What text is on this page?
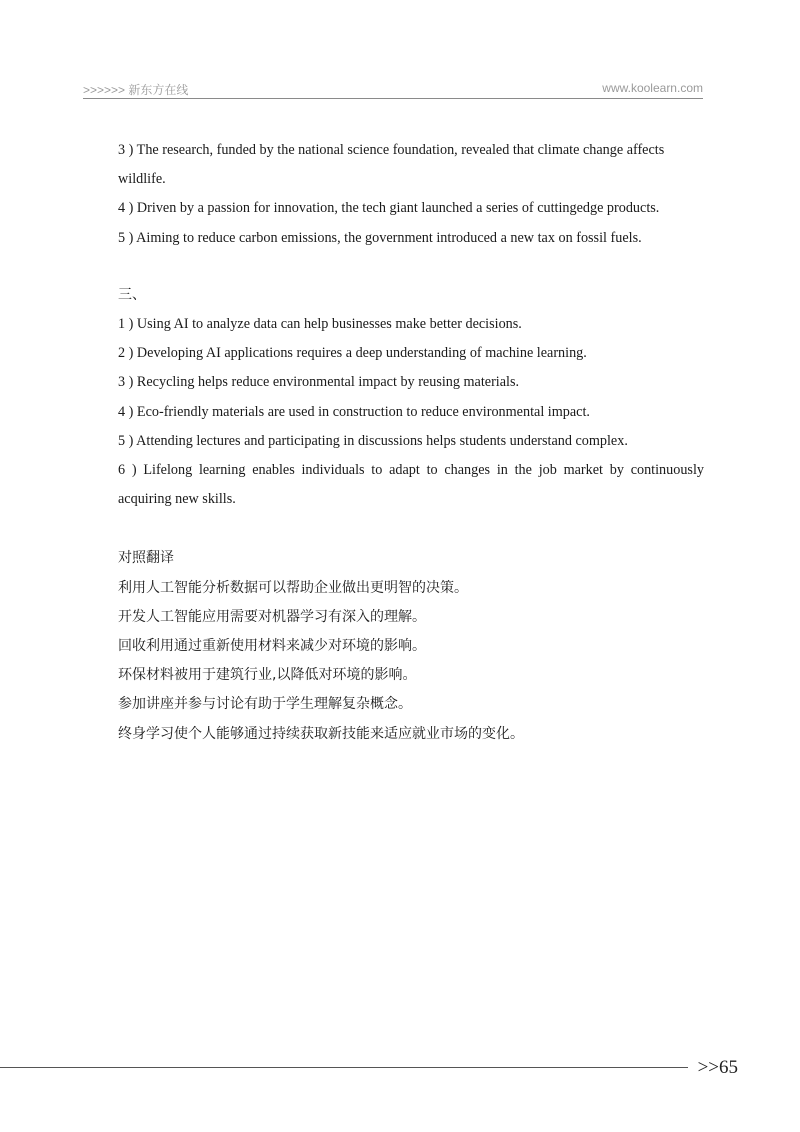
>>>>>> 新东方在线	www.koolearn.com
3 ) The research, funded by the national science foundation, revealed that climate change affects wildlife.
4 ) Driven by a passion for innovation, the tech giant launched a series of cuttingedge products.
5 ) Aiming to reduce carbon emissions, the government introduced a new tax on fossil fuels.
三、
1 ) Using AI to analyze data can help businesses make better decisions.
2 ) Developing AI applications requires a deep understanding of machine learning.
3 ) Recycling helps reduce environmental impact by reusing materials.
4 ) Eco-friendly materials are used in construction to reduce environmental impact.
5 ) Attending lectures and participating in discussions helps students understand complex.
6 ) Lifelong learning enables individuals to adapt to changes in the job market by continuously acquiring new skills.
对照翻译
利用人工智能分析数据可以帮助企业做出更明智的决策。
开发人工智能应用需要对机器学习有深入的理解。
回收利用通过重新使用材料来减少对环境的影响。
环保材料被用于建筑行业,以降低对环境的影响。
参加讲座并参与讨论有助于学生理解复杂概念。
终身学习使个人能够通过持续获取新技能来适应就业市场的变化。
>>65
